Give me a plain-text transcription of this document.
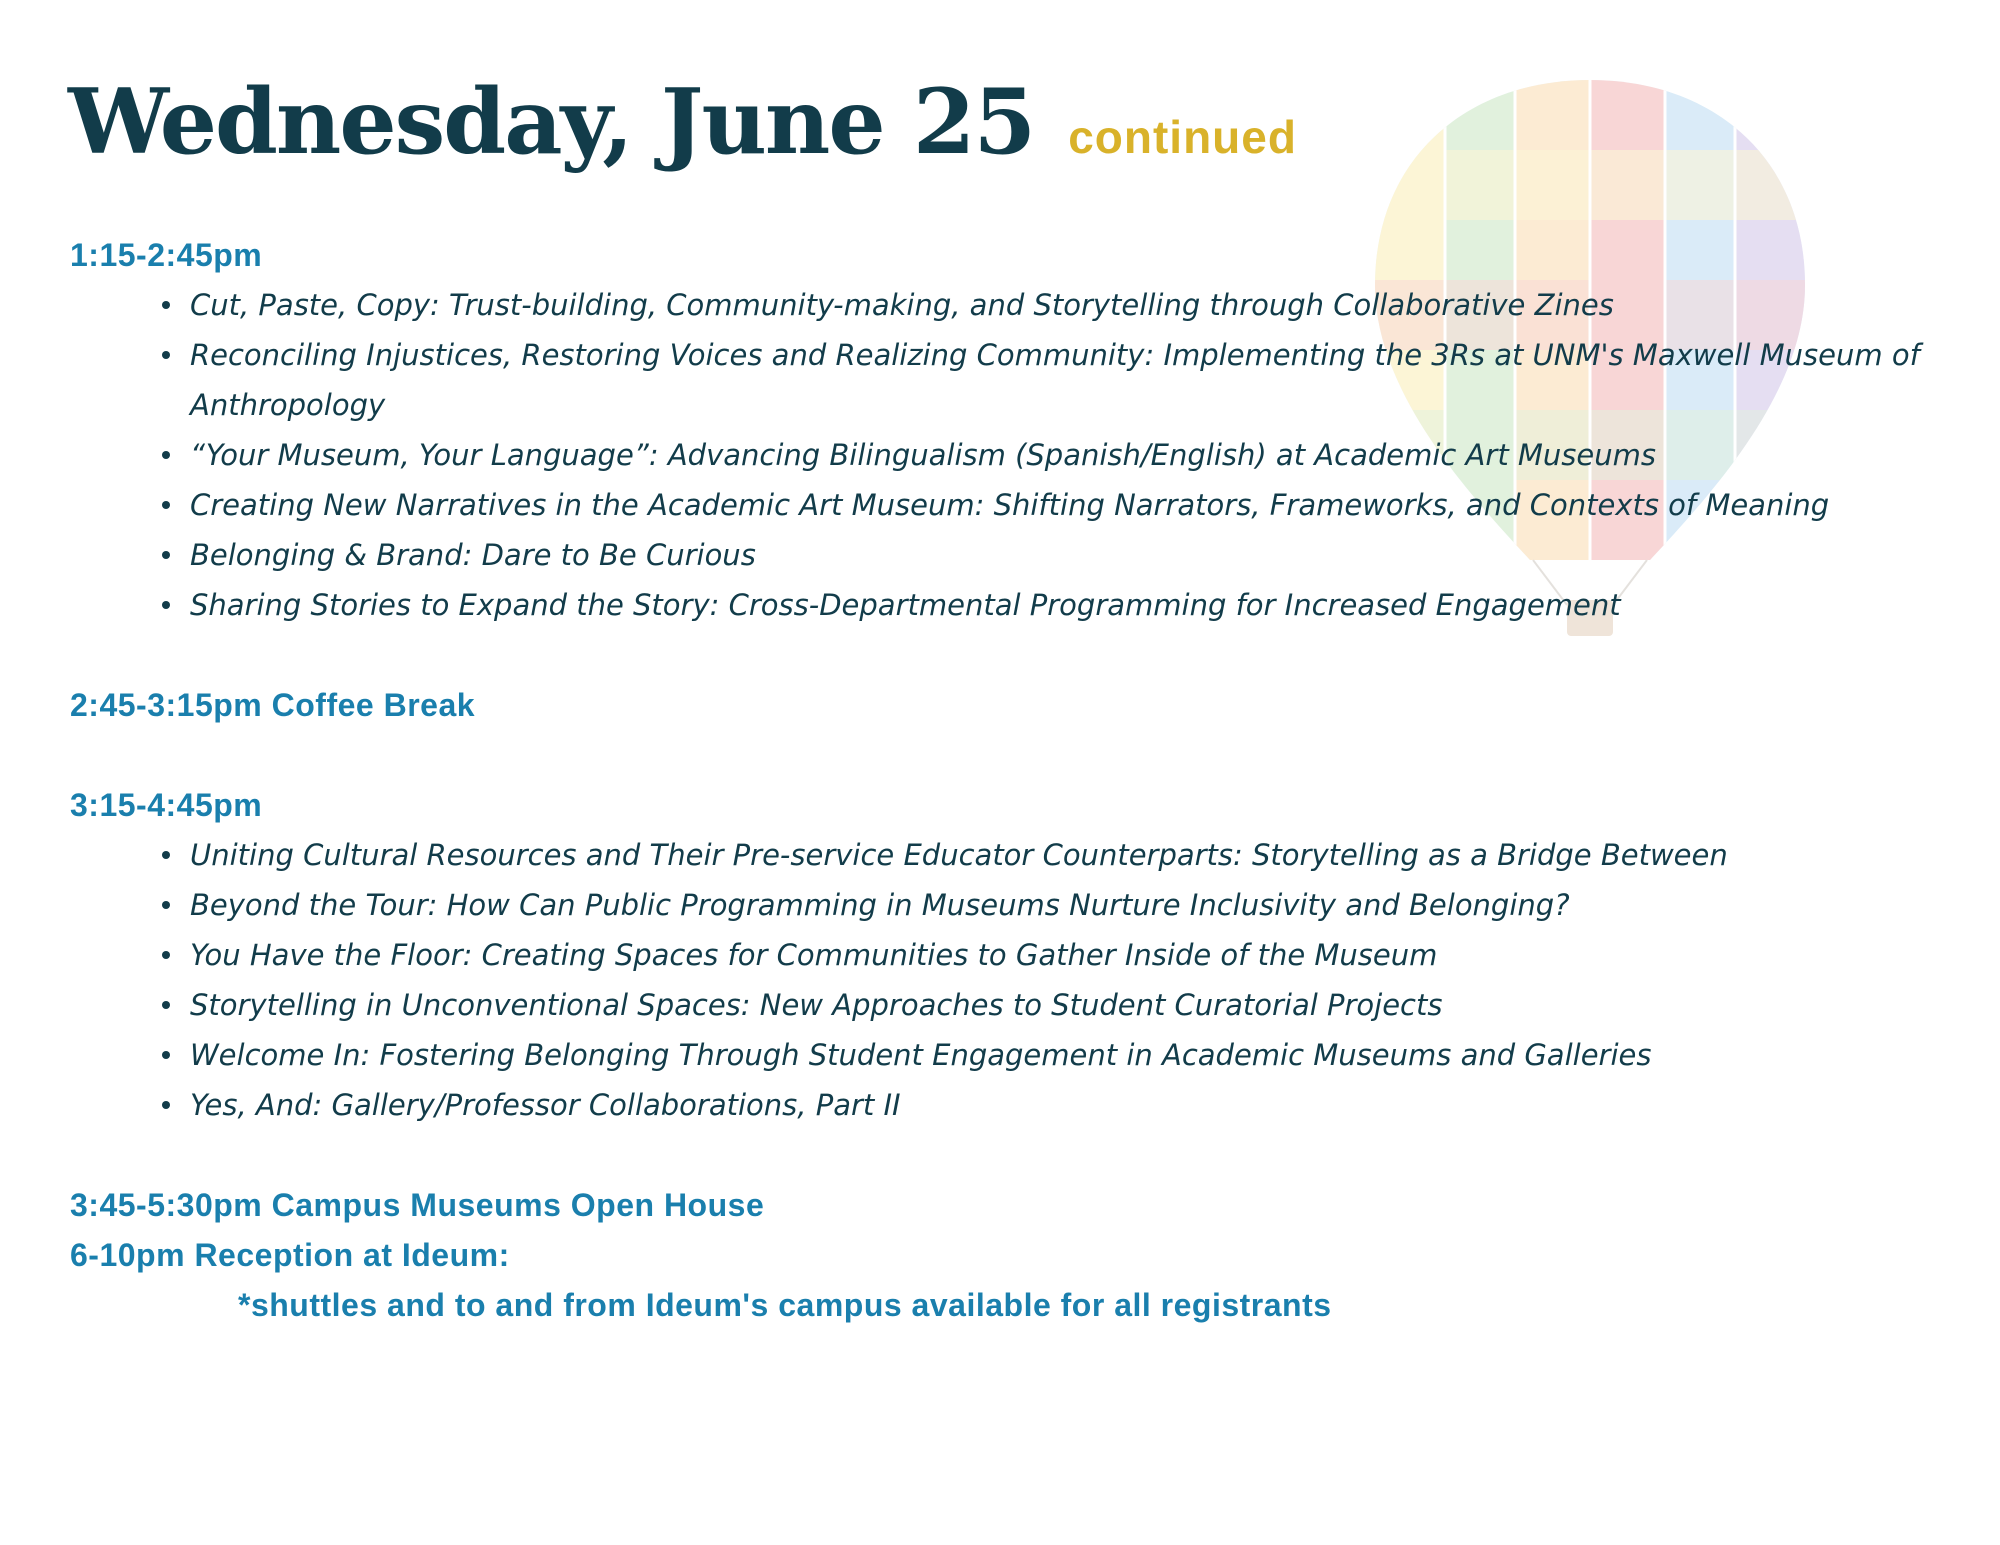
Wednesday, June 25 continued
1:15-2:45pm
Cut, Paste, Copy: Trust-building, Community-making, and Storytelling through Collaborative Zines
Reconciling Injustices, Restoring Voices and Realizing Community: Implementing the 3Rs at UNM's Maxwell Museum of Anthropology
“Your Museum, Your Language”: Advancing Bilingualism (Spanish/English) at Academic Art Museums
Creating New Narratives in the Academic Art Museum: Shifting Narrators, Frameworks, and Contexts of Meaning
Belonging & Brand: Dare to Be Curious
Sharing Stories to Expand the Story: Cross-Departmental Programming for Increased Engagement
2:45-3:15pm Coffee Break
3:15-4:45pm
Uniting Cultural Resources and Their Pre-service Educator Counterparts: Storytelling as a Bridge Between
Beyond the Tour: How Can Public Programming in Museums Nurture Inclusivity and Belonging?
You Have the Floor: Creating Spaces for Communities to Gather Inside of the Museum
Storytelling in Unconventional Spaces: New Approaches to Student Curatorial Projects
Welcome In: Fostering Belonging Through Student Engagement in Academic Museums and Galleries
Yes, And: Gallery/Professor Collaborations, Part II
3:45-5:30pm Campus Museums Open House
6-10pm Reception at Ideum:
*shuttles and to and from Ideum's campus available for all registrants
